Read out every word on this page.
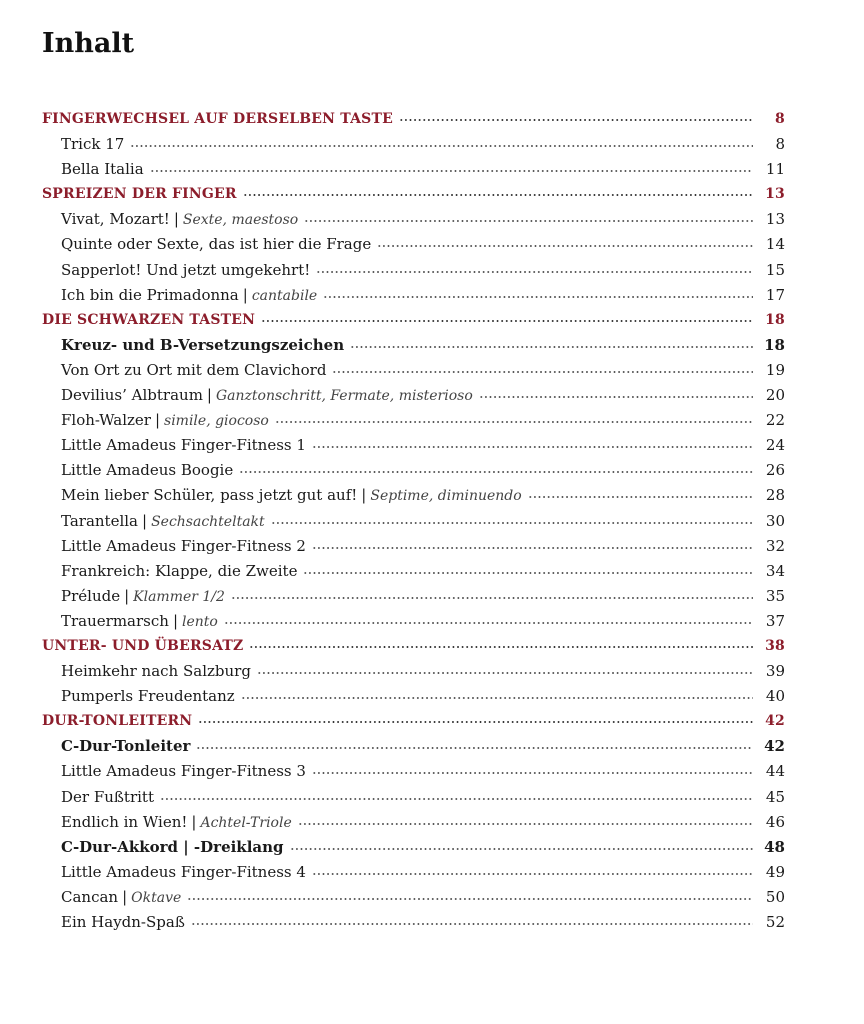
Inhalt
FINGERWECHSEL AUF DERSELBEN TASTE	8
Trick 17	8
Bella Italia	11
SPREIZEN DER FINGER	13
Vivat, Mozart! | Sexte, maestoso	13
Quinte oder Sexte, das ist hier die Frage	14
Sapperlot! Und jetzt umgekehrt!	15
Ich bin die Primadonna | cantabile	17
DIE SCHWARZEN TASTEN	18
Kreuz- und B-Versetzungszeichen	18
Von Ort zu Ort mit dem Clavichord	19
Devilius’ Albtraum | Ganztonschritt, Fermate, misterioso	20
Floh-Walzer | simile, giocoso	22
Little Amadeus Finger-Fitness 1	24
Little Amadeus Boogie	26
Mein lieber Schüler, pass jetzt gut auf! | Septime, diminuendo	28
Tarantella | Sechsachteltakt	30
Little Amadeus Finger-Fitness 2	32
Frankreich: Klappe, die Zweite	34
Prélude | Klammer 1/2	35
Trauermarsch | lento	37
UNTER- UND ÜBERSATZ	38
Heimkehr nach Salzburg	39
Pumperls Freudentanz	40
DUR-TONLEITERN	42
C-Dur-Tonleiter	42
Little Amadeus Finger-Fitness 3	44
Der Fußtritt	45
Endlich in Wien! | Achtel-Triole	46
C-Dur-Akkord | -Dreiklang	48
Little Amadeus Finger-Fitness 4	49
Cancan | Oktave	50
Ein Haydn-Spaß	52
